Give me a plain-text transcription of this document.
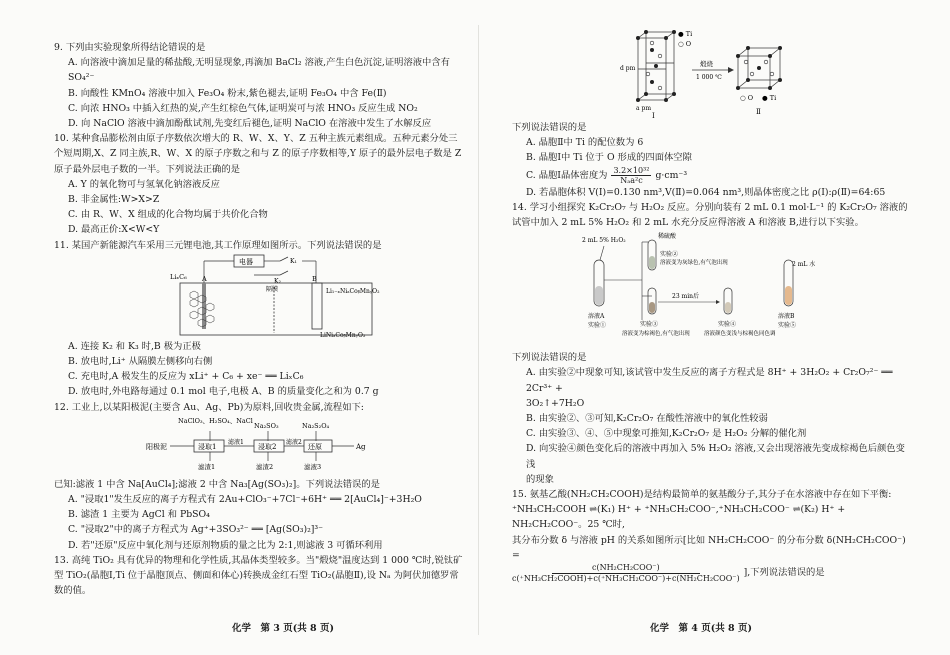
9. 下列由实验现象所得结论错误的是

A. 向溶液中滴加足量的稀盐酸,无明显现象,再滴加 BaCl₂ 溶液,产生白色沉淀,证明溶液中含有 SO₄²⁻

B. 向酸性 KMnO₄ 溶液中加入 Fe₃O₄ 粉末,紫色褪去,证明 Fe₃O₄ 中含 Fe(Ⅱ)

C. 向浓 HNO₃ 中插入红热的炭,产生红棕色气体,证明炭可与浓 HNO₃ 反应生成 NO₂

D. 向 NaClO 溶液中滴加酚酞试剂,先变红后褪色,证明 NaClO 在溶液中发生了水解反应

10. 某种食品膨松剂由原子序数依次增大的 R、W、X、Y、Z 五种主族元素组成。五种元素分处三个短周期,X、Z 同主族,R、W、X 的原子序数之和与 Z 的原子序数相等,Y 原子的最外层电子数是 Z 原子最外层电子数的一半。下列说法正确的是

A. Y 的氧化物可与氢氧化钠溶液反应

B. 非金属性:W>X>Z

C. 由 R、W、X 组成的化合物均属于共价化合物

D. 最高正价:X<W<Y

11. 某国产新能源汽车采用三元锂电池,其工作原理如图所示。下列说法错误的是

电器	K₁
K₂
LiₓC₆ A	B
隔膜	Li₁₋ₓNiₐCoᵦMnᵧO₂
LiNiₐCoᵦMnᵧO₂

A. 连接 K₂ 和 K₃ 时,B 极为正极

B. 放电时,Li⁺ 从隔膜左侧移向右侧

C. 充电时,A 极发生的反应为 xLi⁺ + C₆ + xe⁻ ══ LiₓC₆

D. 放电时,外电路每通过 0.1 mol 电子,电极 A、B 的质量变化之和为 0.7 g

12. 工业上,以某阳极泥(主要含 Au、Ag、Pb)为原料,回收贵金属,流程如下:

NaClO₃、H₂SO₄、NaCl
Na₂SO₃	Na₂S₂O₄
阳极泥	浸取1
滤液1
浸取2
滤液2
还原	Ag
滤渣1	滤渣2	滤液3

已知:滤液 1 中含 Na[AuCl₄];滤液 2 中含 Na₃[Ag(SO₃)₂]。下列说法错误的是

A. "浸取1"发生反应的离子方程式有 2Au+ClO₃⁻+7Cl⁻+6H⁺ ══ 2[AuCl₄]⁻+3H₂O

B. 滤渣 1 主要为 AgCl 和 PbSO₄

C. "浸取2"中的离子方程式为 Ag⁺+3SO₃²⁻ ══ [Ag(SO₃)₂]³⁻

D. 若"还原"反应中氧化剂与还原剂物质的量之比为 2:1,则滤液 3 可循环利用

13. 高纯 TiO₂ 具有优异的物理和化学性质,其晶体类型较多。当"煅烧"温度达到 1 000 ℃时,锐钛矿型 TiO₂(晶胞Ⅰ,Ti 位于晶胞顶点、侧面和体心)转换成金红石型 TiO₂(晶胞Ⅱ),设 Nₐ 为阿伏加德罗常数的值。

化学　第 3 页(共 8 页)
● Ti
○ O
d pm
a pm
Ⅰ
煅烧
1 000 ℃
○ O ● Ti
Ⅱ

下列说法错误的是

A. 晶胞Ⅱ中 Ti 的配位数为 6

B. 晶胞Ⅰ中 Ti 位于 O 形成的四面体空隙

C. 晶胞Ⅰ晶体密度为 3.2×10³²
Nₐa²c g·cm⁻³

D. 若晶胞体积 V(Ⅰ)=0.130 nm³,V(Ⅱ)=0.064 nm³,则晶体密度之比 ρ(Ⅰ):ρ(Ⅱ)=64:65

14. 学习小组探究 K₂Cr₂O₇ 与 H₂O₂ 反应。分别向装有 2 mL 0.1 mol·L⁻¹ 的 K₂Cr₂O₇ 溶液的试管中加入 2 mL 5% H₂O₂ 和 2 mL 水充分反应得溶液 A 和溶液 B,进行以下实验。

2 mL 5% H₂O₂
溶液A
实验①
稀硫酸
实验②
溶液变为灰绿色,有气泡出现
实验③
溶液变为棕褐色,有气泡出现
23 min后
实验④
溶液颜色变浅与棕褐色同色调
2 mL 水
溶液B
实验⑤

下列说法错误的是

A. 由实验②中现象可知,该试管中发生反应的离子方程式是 8H⁺ + 3H₂O₂ + Cr₂O₇²⁻ ══ 2Cr³⁺ +

3O₂↑+7H₂O

B. 由实验②、③可知,K₂Cr₂O₇ 在酸性溶液中的氧化性较弱

C. 由实验③、④、⑤中现象可推知,K₂Cr₂O₇ 是 H₂O₂ 分解的催化剂

D. 向实验④颜色变化后的溶液中再加入 5% H₂O₂ 溶液,又会出现溶液先变成棕褐色后颜色变浅

的现象

15. 氨基乙酸(NH₂CH₂COOH)是结构最简单的氨基酸分子,其分子在水溶液中存在如下平衡:

⁺NH₃CH₂COOH ⇌(K₁) H⁺ + ⁺NH₃CH₂COO⁻,⁺NH₃CH₂COO⁻ ⇌(K₂) H⁺ + NH₂CH₂COO⁻。25 ℃时,

其分布分数 δ 与溶液 pH 的关系如图所示[比如 NH₂CH₂COO⁻ 的分布分数 δ(NH₂CH₂COO⁻) =

c(NH₂CH₂COO⁻)
c(⁺NH₃CH₂COOH)+c(⁺NH₃CH₂COO⁻)+c(NH₂CH₂COO⁻) ],下列说法错误的是

化学　第 4 页(共 8 页)
